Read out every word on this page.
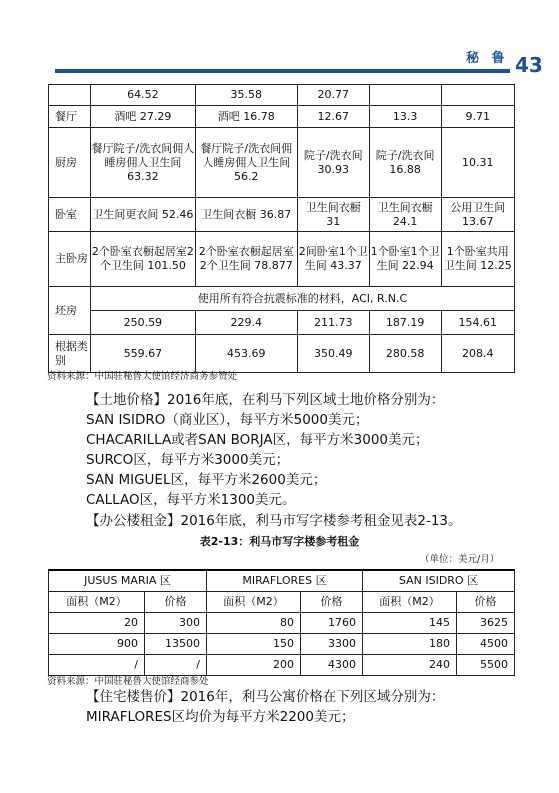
秘 鲁 43
	64.52	35.58	20.77		
餐厅	酒吧 27.29	酒吧 16.78	12.67	13.3	9.71
厨房	餐厅院子/洗衣间佣人睡房佣人卫生间 63.32	餐厅院子/洗衣间佣人睡房佣人卫生间 56.2	院子/洗衣间 30.93	院子/洗衣间 16.88	10.31
卧室	卫生间更衣间 52.46	卫生间衣橱 36.87	卫生间衣橱 31	卫生间衣橱 24.1	公用卫生间 13.67
主卧房	2个卧室衣橱起居室2个卫生间 101.50	2个卧室衣橱起居室2个卫生间 78.877	2间卧室1个卫生间 43.37	1个卧室1个卫生间 22.94	1个卧室共用卫生间 12.25
坯房	使用所有符合抗震标准的材料，ACI, R.N.C				
	250.59	229.4	211.73	187.19	154.61
根据类别	559.67	453.69	350.49	280.58	208.4
资料来源：中国驻秘鲁大使馆经济商务参赞处
【土地价格】2016年底，在利马下列区域土地价格分别为：
SAN ISIDRO（商业区），每平方米5000美元；
CHACARILLA或者SAN BORJA区，每平方米3000美元；
SURCO区，每平方米3000美元；
SAN MIGUEL区，每平方米2600美元；
CALLAO区，每平方米1300美元。
表2-13：利马市写字楼参考租金
（单位：美元/月）
JUSUS MARIA 区		MIRAFLORES 区		SAN ISIDRO 区	
面积（M2）	价格	面积（M2）	价格	面积（M2）	价格
20	300	80	1760	145	3625
900	13500	150	3300	180	4500
/	/	200	4300	240	5500
资料来源：中国驻秘鲁大使馆经商参处
【住宅楼售价】2016年，利马公寓价格在下列区域分别为：
MIRAFLORES区均价为每平方米2200美元；
【办公楼租金】2016年底，利马市写字楼参考租金见表2-13。
